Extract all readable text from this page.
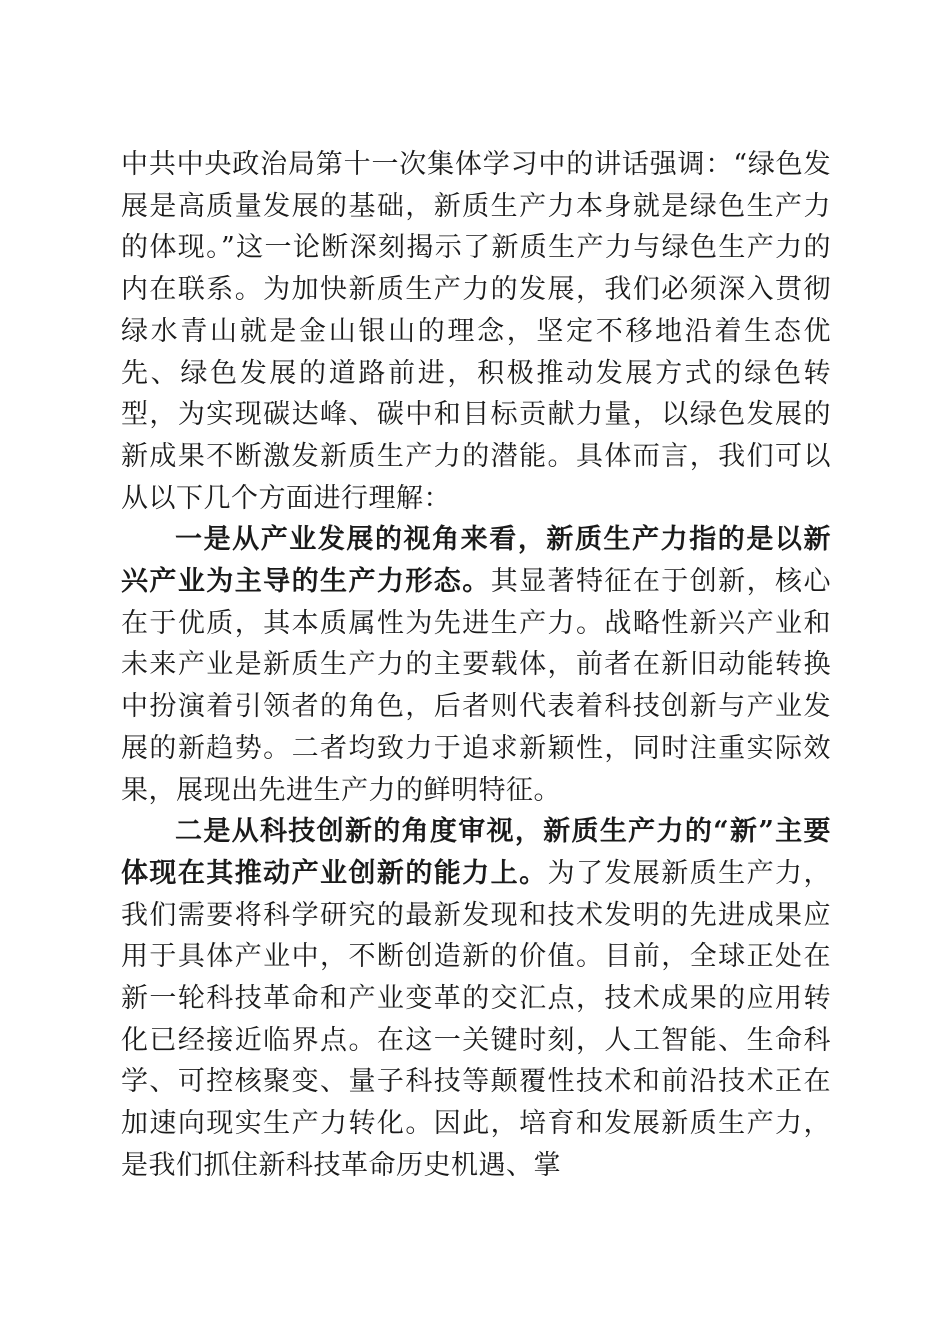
中共中央政治局第十一次集体学习中的讲话强调：“绿色发展是高质量发展的基础，新质生产力本身就是绿色生产力的体现。”这一论断深刻揭示了新质生产力与绿色生产力的内在联系。为加快新质生产力的发展，我们必须深入贯彻绿水青山就是金山银山的理念，坚定不移地沿着生态优先、绿色发展的道路前进，积极推动发展方式的绿色转型，为实现碳达峰、碳中和目标贡献力量，以绿色发展的新成果不断激发新质生产力的潜能。具体而言，我们可以从以下几个方面进行理解：

一是从产业发展的视角来看，新质生产力指的是以新兴产业为主导的生产力形态。其显著特征在于创新，核心在于优质，其本质属性为先进生产力。战略性新兴产业和未来产业是新质生产力的主要载体，前者在新旧动能转换中扮演着引领者的角色，后者则代表着科技创新与产业发展的新趋势。二者均致力于追求新颖性，同时注重实际效果，展现出先进生产力的鲜明特征。

二是从科技创新的角度审视，新质生产力的“新”主要体现在其推动产业创新的能力上。为了发展新质生产力，我们需要将科学研究的最新发现和技术发明的先进成果应用于具体产业中，不断创造新的价值。目前，全球正处在新一轮科技革命和产业变革的交汇点，技术成果的应用转化已经接近临界点。在这一关键时刻，人工智能、生命科学、可控核聚变、量子科技等颠覆性技术和前沿技术正在加速向现实生产力转化。因此，培育和发展新质生产力，是我们抓住新科技革命历史机遇、掌
